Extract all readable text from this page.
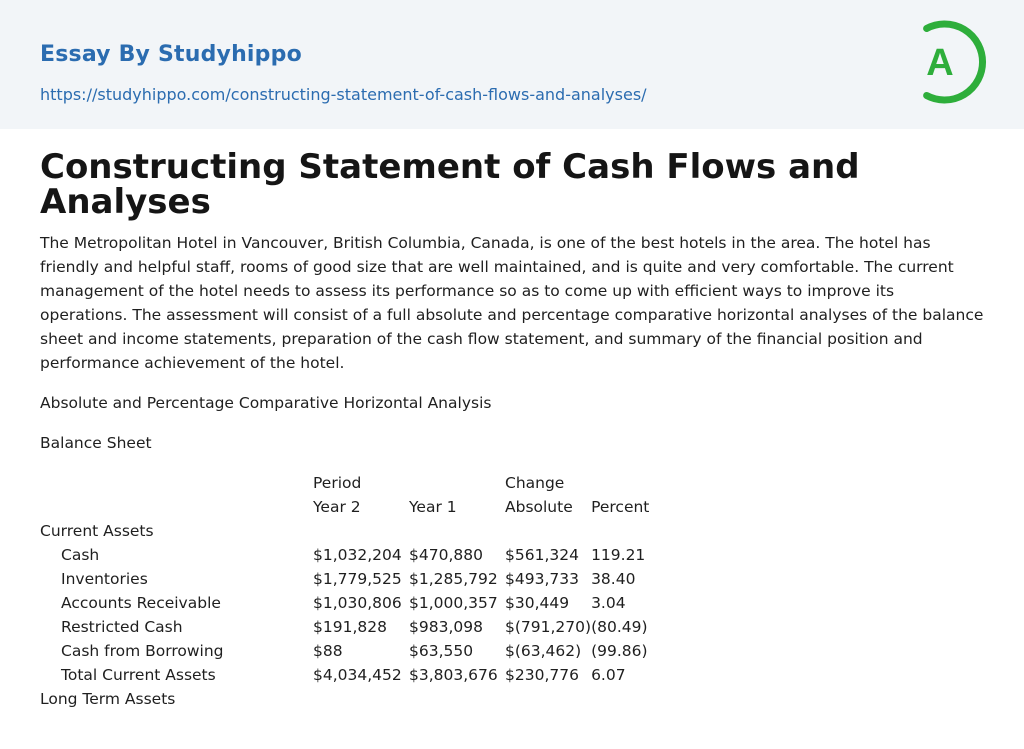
Essay By Studyhippo
https://studyhippo.com/constructing-statement-of-cash-flows-and-analyses/
A
Constructing Statement of Cash Flows and Analyses

The Metropolitan Hotel in Vancouver, British Columbia, Canada, is one of the best hotels in the area. The hotel has friendly and helpful staff, rooms of good size that are well maintained, and is quite and very comfortable. The current management of the hotel needs to assess its performance so as to come up with efficient ways to improve its operations. The assessment will consist of a full absolute and percentage comparative horizontal analyses of the balance sheet and income statements, preparation of the cash flow statement, and summary of the financial position and performance achievement of the hotel.

Absolute and Percentage Comparative Horizontal Analysis

Balance Sheet

	Period		Change	
	Year 2	Year 1	Absolute	Percent
Current Assets				
Cash	$1,032,204	$470,880	$561,324	119.21
Inventories	$1,779,525	$1,285,792	$493,733	38.40
Accounts Receivable	$1,030,806	$1,000,357	$30,449	3.04
Restricted Cash	$191,828	$983,098	$(791,270)	(80.49)
Cash from Borrowing	$88	$63,550	$(63,462)	(99.86)
Total Current Assets	$4,034,452	$3,803,676	$230,776	6.07
Long Term Assets				
